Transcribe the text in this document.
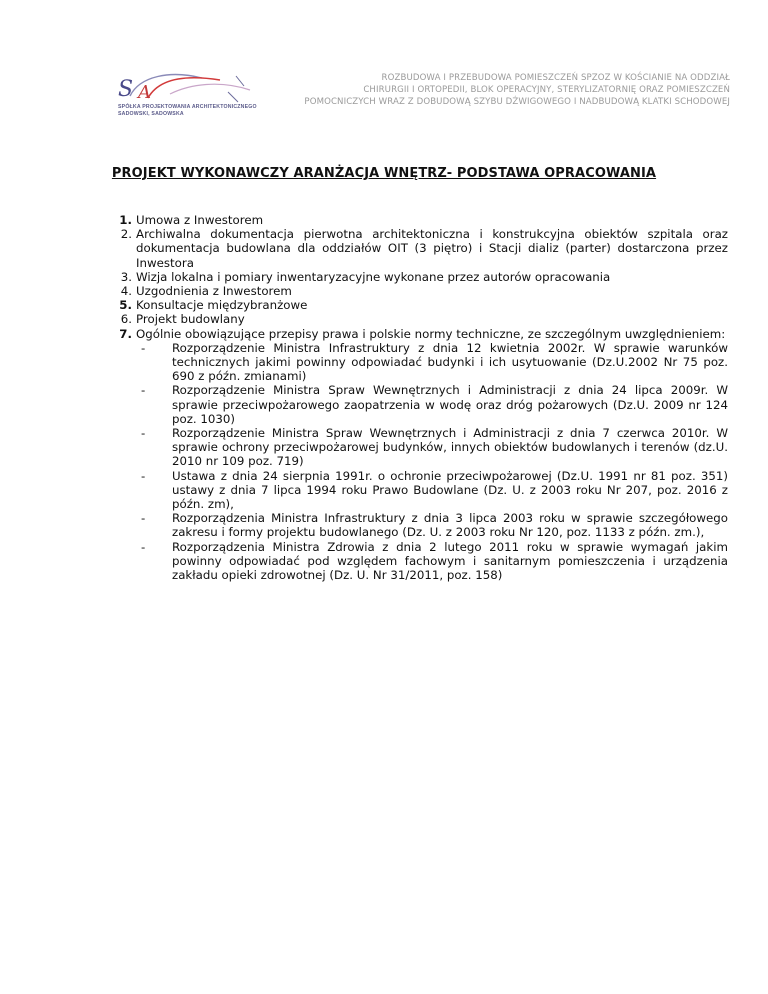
S A
SPÓŁKA PROJEKTOWANIA ARCHITEKTONICZNEGO
SADOWSKI, SADOWSKA
ROZBUDOWA I PRZEBUDOWA POMIESZCZEŃ SPZOZ W KOŚCIANIE NA ODDZIAŁ
CHIRURGII I ORTOPEDII, BLOK OPERACYJNY, STERYLIZATORNIĘ ORAZ POMIESZCZEŃ
POMOCNICZYCH WRAZ Z DOBUDOWĄ SZYBU DŹWIGOWEGO I NADBUDOWĄ KLATKI SCHODOWEJ
PROJEKT WYKONAWCZY ARANŻACJA WNĘTRZ- PODSTAWA OPRACOWANIA
1. Umowa z Inwestorem
2. Archiwalna dokumentacja pierwotna architektoniczna i konstrukcyjna obiektów szpitala oraz dokumentacja budowlana dla oddziałów OIT (3 piętro) i Stacji dializ (parter) dostarczona przez Inwestora
3. Wizja lokalna i pomiary inwentaryzacyjne wykonane przez autorów opracowania
4. Uzgodnienia z Inwestorem
5. Konsultacje międzybranżowe
6. Projekt budowlany
7. Ogólnie obowiązujące przepisy prawa i polskie normy techniczne, ze szczególnym uwzględnieniem:
- Rozporządzenie Ministra Infrastruktury z dnia 12 kwietnia 2002r. W sprawie warunków technicznych jakimi powinny odpowiadać budynki i ich usytuowanie (Dz.U.2002 Nr 75 poz. 690 z późn. zmianami)
- Rozporządzenie Ministra Spraw Wewnętrznych i Administracji z dnia 24 lipca 2009r. W sprawie przeciwpożarowego zaopatrzenia w wodę oraz dróg pożarowych (Dz.U. 2009 nr 124 poz. 1030)
- Rozporządzenie Ministra Spraw Wewnętrznych i Administracji z dnia 7 czerwca 2010r. W sprawie ochrony przeciwpożarowej budynków, innych obiektów budowlanych i terenów (dz.U. 2010 nr 109 poz. 719)
- Ustawa z dnia 24 sierpnia 1991r. o ochronie przeciwpożarowej (Dz.U. 1991 nr 81 poz. 351) ustawy z dnia 7 lipca 1994 roku Prawo Budowlane (Dz. U. z 2003 roku Nr 207, poz. 2016 z późn. zm),
- Rozporządzenia Ministra Infrastruktury z dnia 3 lipca 2003 roku w sprawie szczegółowego zakresu i formy projektu budowlanego (Dz. U. z 2003 roku Nr 120, poz. 1133 z późn. zm.),
- Rozporządzenia Ministra Zdrowia z dnia 2 lutego 2011 roku w sprawie wymagań jakim powinny odpowiadać pod względem fachowym i sanitarnym pomieszczenia i urządzenia zakładu opieki zdrowotnej (Dz. U. Nr 31/2011, poz. 158)
